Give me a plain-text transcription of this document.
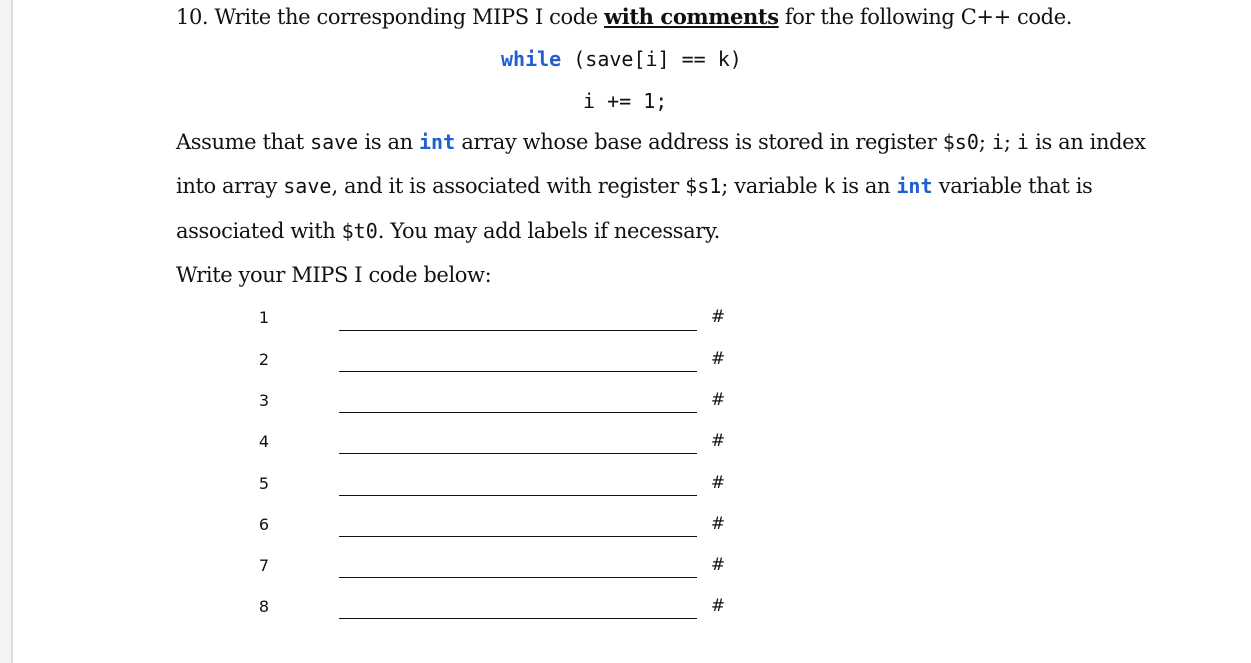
10. Write the corresponding MIPS I code with comments for the following C++ code.
while (save[i] == k)
i += 1;
Assume that save is an int array whose base address is stored in register $s0; i; i is an index
into array save, and it is associated with register $s1; variable k is an int variable that is
associated with $t0. You may add labels if necessary.
Write your MIPS I code below:
1	#
2	#
3	#
4	#
5	#
6	#
7	#
8	#
